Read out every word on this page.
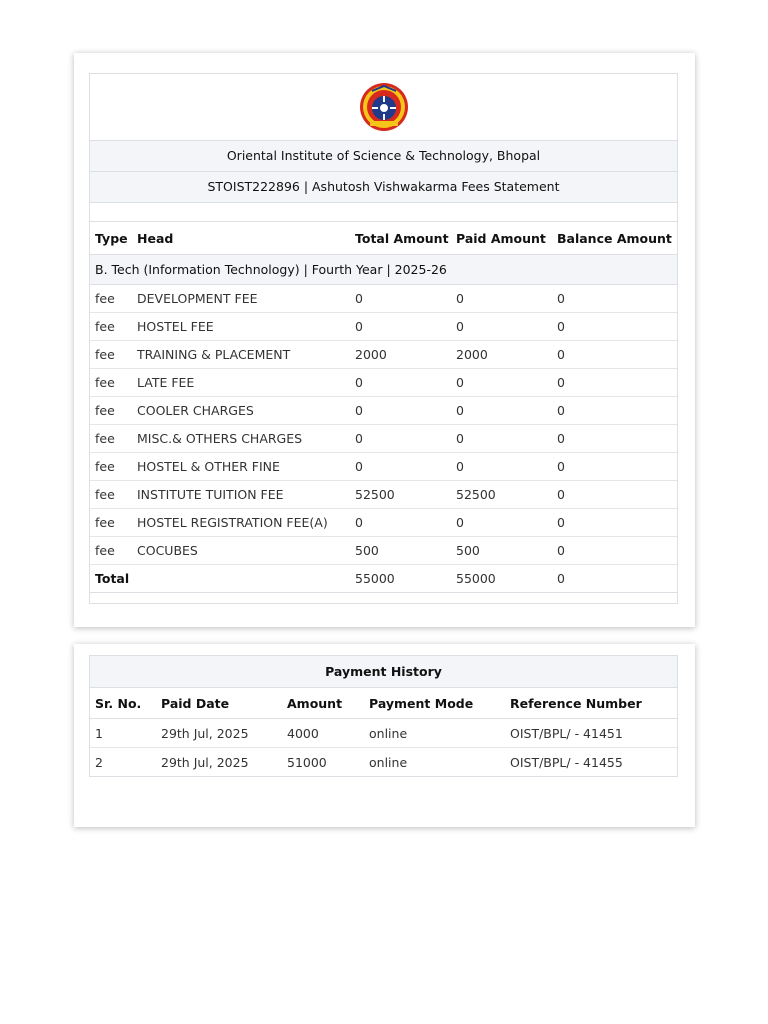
Oriental Institute of Science & Technology, Bhopal
STOIST222896 | Ashutosh Vishwakarma Fees Statement
B. Tech (Information Technology) | Fourth Year | 2025-26				
Type	Head	Total Amount	Paid Amount	Balance Amount
fee	DEVELOPMENT FEE	0	0	0
fee	HOSTEL FEE	0	0	0
fee	TRAINING & PLACEMENT	2000	2000	0
fee	LATE FEE	0	0	0
fee	COOLER CHARGES	0	0	0
fee	MISC.& OTHERS CHARGES	0	0	0
fee	HOSTEL & OTHER FINE	0	0	0
fee	INSTITUTE TUITION FEE	52500	52500	0
fee	HOSTEL REGISTRATION FEE(A)	0	0	0
fee	COCUBES	500	500	0
Total		55000	55000	0
Payment History
Sr. No.	Paid Date	Amount	Payment Mode	Reference Number
1	29th Jul, 2025	4000	online	OIST/BPL/ - 41451
2	29th Jul, 2025	51000	online	OIST/BPL/ - 41455
